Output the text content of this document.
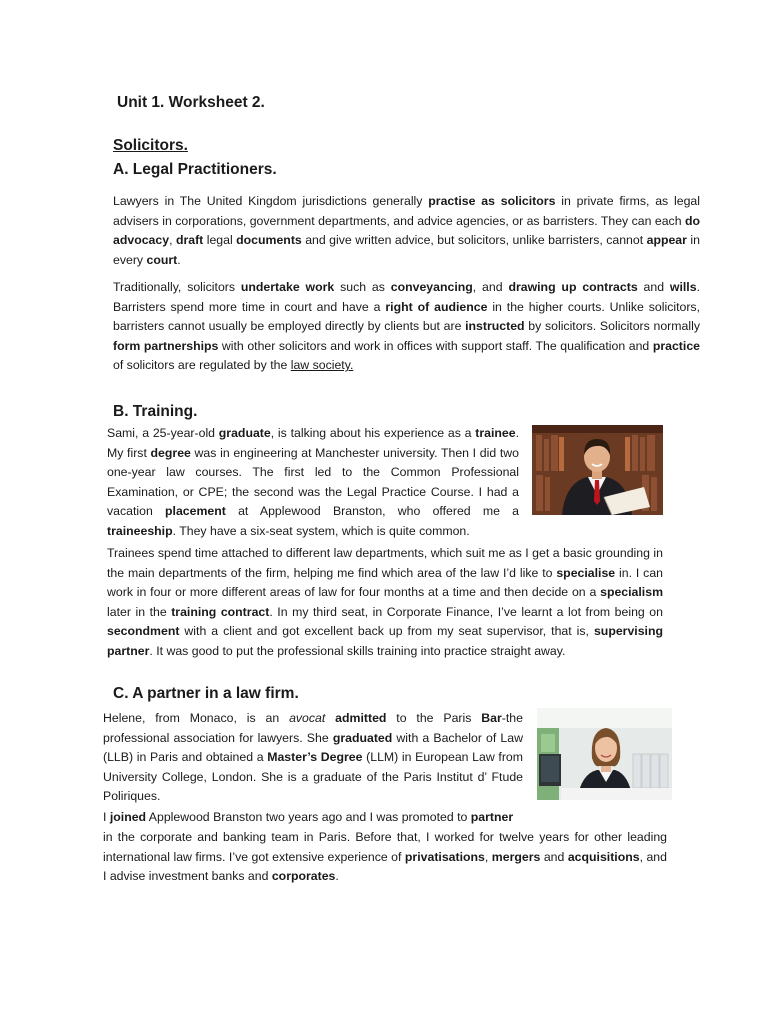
Unit 1. Worksheet 2.
Solicitors.
A. Legal Practitioners.
Lawyers in The United Kingdom jurisdictions generally practise as solicitors in private firms, as legal advisers in corporations, government departments, and advice agencies, or as barristers. They can each do advocacy, draft legal documents and give written advice, but solicitors, unlike barristers, cannot appear in every court.
Traditionally, solicitors undertake work such as conveyancing, and drawing up contracts and wills. Barristers spend more time in court and have a right of audience in the higher courts. Unlike solicitors, barristers cannot usually be employed directly by clients but are instructed by solicitors. Solicitors normally form partnerships with other solicitors and work in offices with support staff. The qualification and practice of solicitors are regulated by the law society.
B. Training.
Sami, a 25-year-old graduate, is talking about his experience as a trainee. My first degree was in engineering at Manchester university. Then I did two one-year law courses. The first led to the Common Professional Examination, or CPE; the second was the Legal Practice Course. I had a vacation placement at Applewood Branston, who offered me a traineeship. They have a six-seat system, which is quite common.
Trainees spend time attached to different law departments, which suit me as I get a basic grounding in the main departments of the firm, helping me find which area of the law I’d like to specialise in. I can work in four or more different areas of law for four months at a time and then decide on a specialism later in the training contract. In my third seat, in Corporate Finance, I’ve learnt a lot from being on secondment with a client and got excellent back up from my seat supervisor, that is, supervising partner. It was good to put the professional skills training into practice straight away.
C. A partner in a law firm.
Helene, from Monaco, is an avocat admitted to the Paris Bar-the professional association for lawyers. She graduated with a Bachelor of Law (LLB) in Paris and obtained a Master’s Degree (LLM) in European Law from University College, London. She is a graduate of the Paris Institut d’ Ftude Poliriques.
I joined Applewood Branston two years ago and I was promoted to partner
in the corporate and banking team in Paris. Before that, I worked for twelve years for other leading international law firms. I’ve got extensive experience of privatisations, mergers and acquisitions, and I advise investment banks and corporates.
